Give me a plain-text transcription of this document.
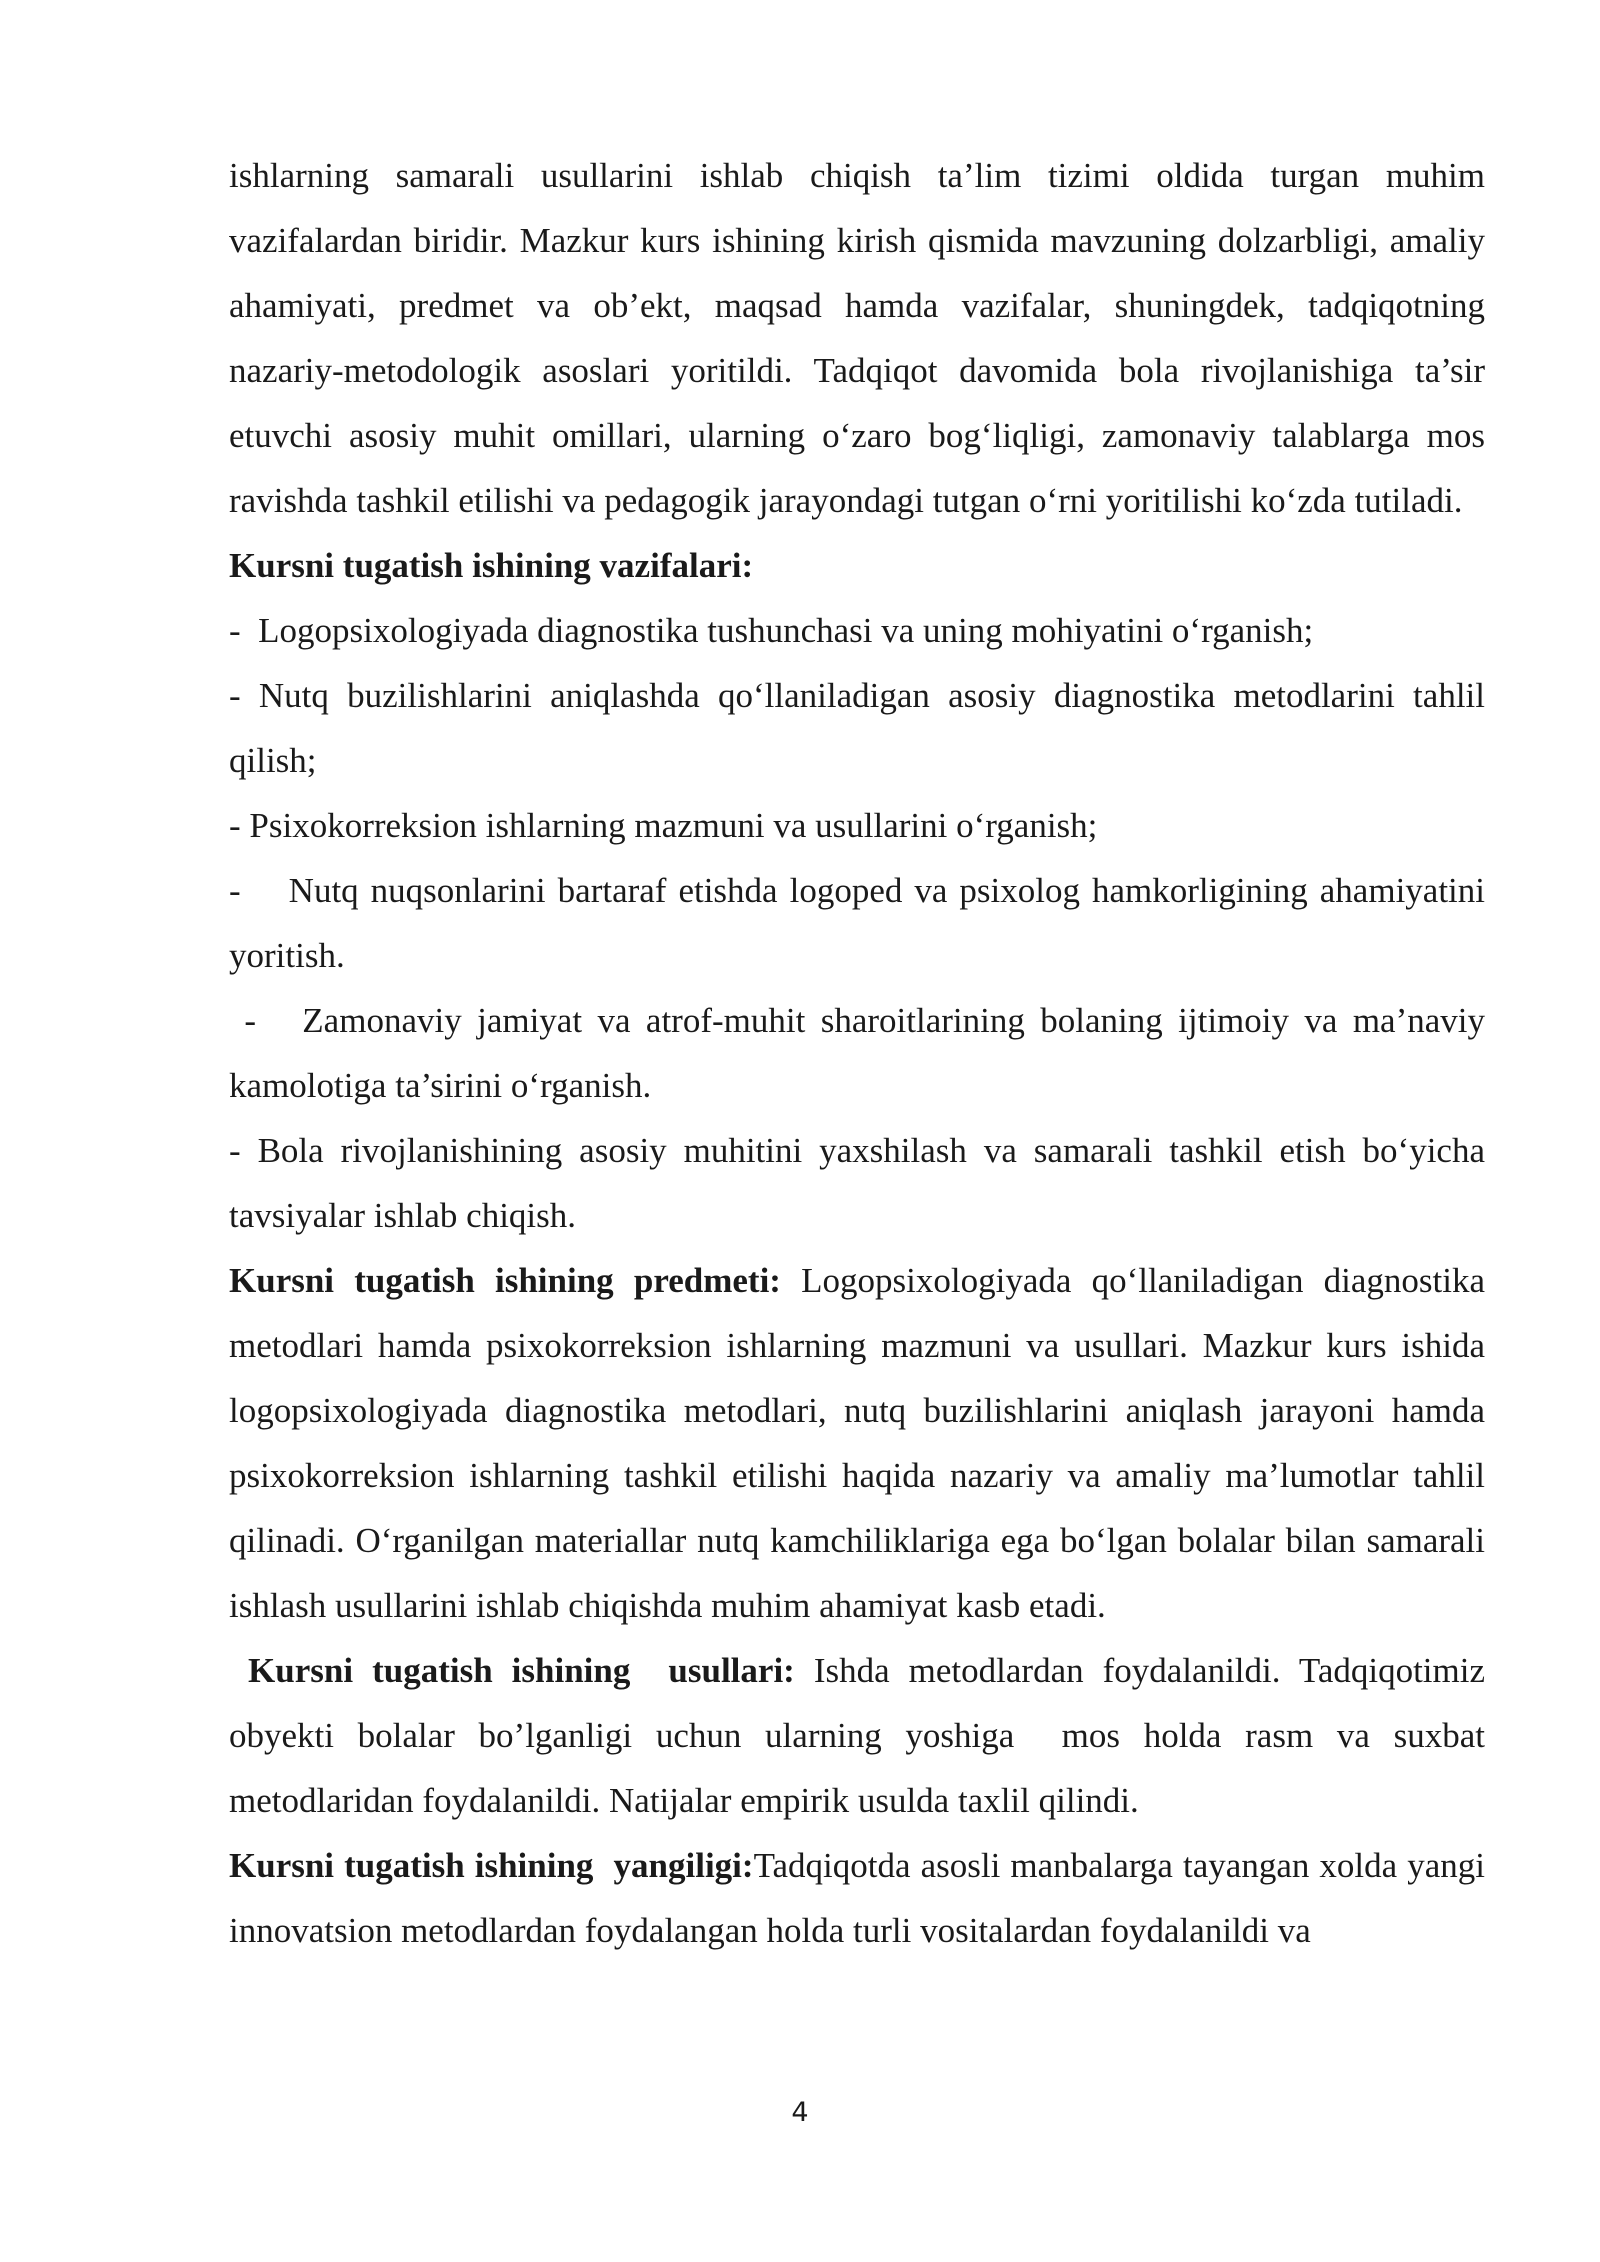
ishlarning samarali usullarini ishlab chiqish ta’lim tizimi oldida turgan muhim vazifalardan biridir. Mazkur kurs ishining kirish qismida mavzuning dolzarbligi, amaliy ahamiyati, predmet va ob’ekt, maqsad hamda vazifalar, shuningdek, tadqiqotning nazariy-metodologik asoslari yoritildi. Tadqiqot davomida bola rivojlanishiga ta’sir etuvchi asosiy muhit omillari, ularning o‘zaro bog‘liqligi, zamonaviy talablarga mos ravishda tashkil etilishi va pedagogik jarayondagi tutgan o‘rni yoritilishi ko‘zda tutiladi.

Kursni tugatish ishining vazifalari:

-  Logopsixologiyada diagnostika tushunchasi va uning mohiyatini o‘rganish;

- Nutq buzilishlarini aniqlashda qo‘llaniladigan asosiy diagnostika metodlarini tahlil qilish;

- Psixokorreksion ishlarning mazmuni va usullarini o‘rganish;

-    Nutq nuqsonlarini bartaraf etishda logoped va psixolog hamkorligining ahamiyatini yoritish.

-   Zamonaviy jamiyat va atrof-muhit sharoitlarining bolaning ijtimoiy va ma’naviy kamolotiga ta’sirini o‘rganish.

- Bola rivojlanishining asosiy muhitini yaxshilash va samarali tashkil etish bo‘yicha tavsiyalar ishlab chiqish.

Kursni tugatish ishining predmeti: Logopsixologiyada qo‘llaniladigan diagnostika metodlari hamda psixokorreksion ishlarning mazmuni va usullari. Mazkur kurs ishida logopsixologiyada diagnostika metodlari, nutq buzilishlarini aniqlash jarayoni hamda psixokorreksion ishlarning tashkil etilishi haqida nazariy va amaliy ma’lumotlar tahlil qilinadi. O‘rganilgan materiallar nutq kamchiliklariga ega bo‘lgan bolalar bilan samarali ishlash usullarini ishlab chiqishda muhim ahamiyat kasb etadi.

Kursni tugatish ishining  usullari: Ishda metodlardan foydalanildi. Tadqiqotimiz obyekti bolalar bo’lganligi uchun ularning yoshiga  mos holda rasm va suxbat metodlaridan foydalanildi. Natijalar empirik usulda taxlil qilindi.

Kursni tugatish ishining  yangiligi:Tadqiqotda asosli manbalarga tayangan xolda yangi innovatsion metodlardan foydalangan holda turli vositalardan foydalanildi va

4
